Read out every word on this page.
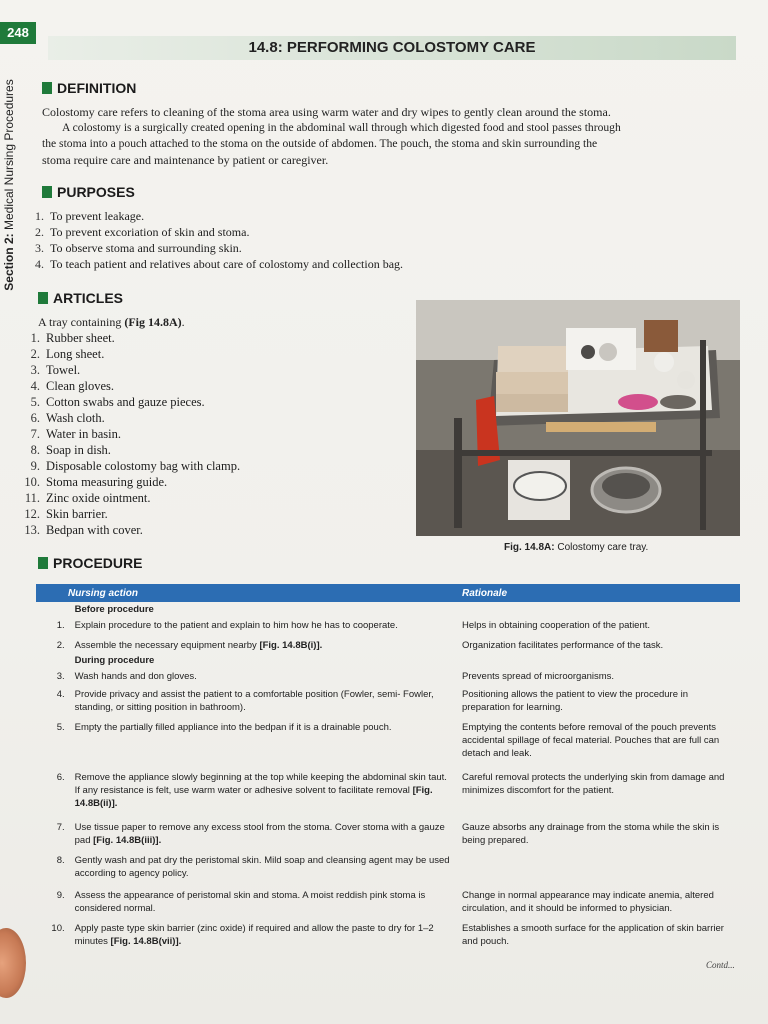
248
Section 2: Medical Nursing Procedures
14.8: PERFORMING COLOSTOMY CARE
DEFINITION
Colostomy care refers to cleaning of the stoma area using warm water and dry wipes to gently clean around the stoma.
A colostomy is a surgically created opening in the abdominal wall through which digested food and stool passes through
the stoma into a pouch attached to the stoma on the outside of abdomen. The pouch, the stoma and skin surrounding the
stoma require care and maintenance by patient or caregiver.
PURPOSES
1. To prevent leakage.
2. To prevent excoriation of skin and stoma.
3. To observe stoma and surrounding skin.
4. To teach patient and relatives about care of colostomy and collection bag.
ARTICLES
A tray containing (Fig 14.8A).
1. Rubber sheet.
2. Long sheet.
3. Towel.
4. Clean gloves.
5. Cotton swabs and gauze pieces.
6. Wash cloth.
7. Water in basin.
8. Soap in dish.
9. Disposable colostomy bag with clamp.
10. Stoma measuring guide.
11. Zinc oxide ointment.
12. Skin barrier.
13. Bedpan with cover.
Fig. 14.8A: Colostomy care tray.
PROCEDURE
Nursing action		Rationale
	Before procedure	
1.	Explain procedure to the patient and explain to him how he has to cooperate.	Helps in obtaining cooperation of the patient.
2.	Assemble the necessary equipment nearby [Fig. 14.8B(i)].	Organization facilitates performance of the task.
	During procedure	
3.	Wash hands and don gloves.	Prevents spread of microorganisms.
4.	Provide privacy and assist the patient to a comfortable position (Fowler, semi- Fowler, standing, or sitting position in bathroom).	Positioning allows the patient to view the procedure in preparation for learning.
5.	Empty the partially filled appliance into the bedpan if it is a drainable pouch.	Emptying the contents before removal of the pouch prevents accidental spillage of fecal material. Pouches that are full can detach and leak.
6.	Remove the appliance slowly beginning at the top while keeping the abdominal skin taut. If any resistance is felt, use warm water or adhesive solvent to facilitate removal [Fig. 14.8B(ii)].	Careful removal protects the underlying skin from damage and minimizes discomfort for the patient.
7.	Use tissue paper to remove any excess stool from the stoma. Cover stoma with a gauze pad [Fig. 14.8B(iii)].	Gauze absorbs any drainage from the stoma while the skin is being prepared.
8.	Gently wash and pat dry the peristomal skin. Mild soap and cleansing agent may be used according to agency policy.	
9.	Assess the appearance of peristomal skin and stoma. A moist reddish pink stoma is considered normal.	Change in normal appearance may indicate anemia, altered circulation, and it should be informed to physician.
10.	Apply paste type skin barrier (zinc oxide) if required and allow the paste to dry for 1–2 minutes [Fig. 14.8B(vii)].	Establishes a smooth surface for the application of skin barrier and pouch.
Contd...
